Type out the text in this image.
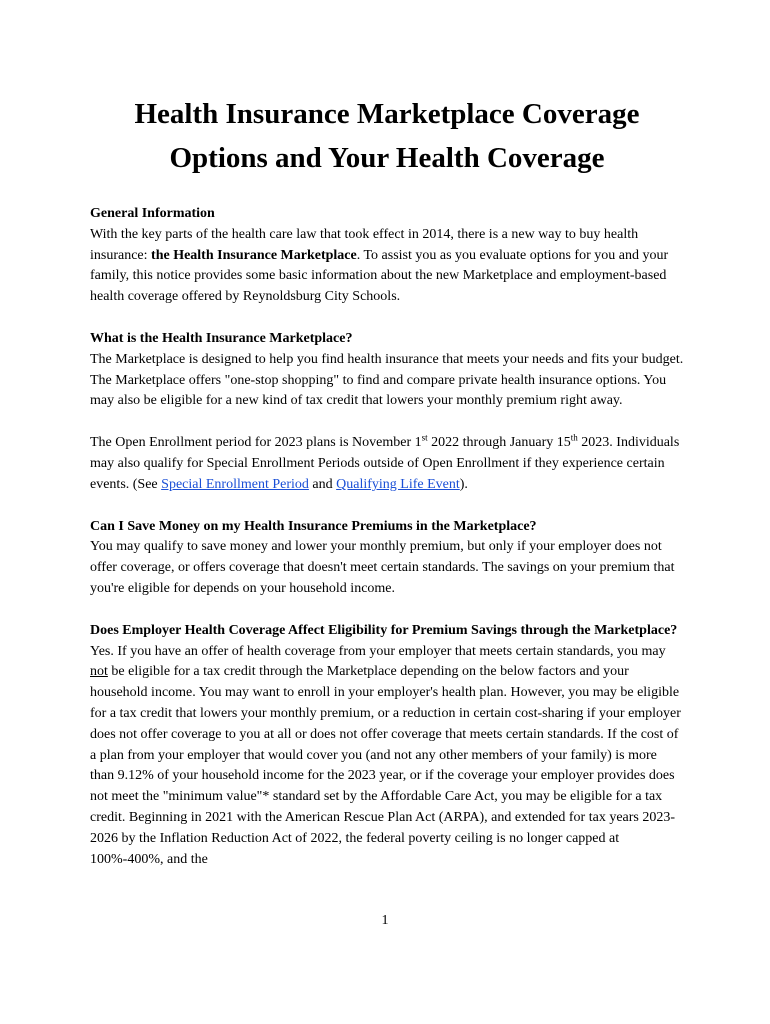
Health Insurance Marketplace Coverage
Options and Your Health Coverage

General Information

With the key parts of the health care law that took effect in 2014, there is a new way to buy health insurance: the Health Insurance Marketplace. To assist you as you evaluate options for you and your family, this notice provides some basic information about the new Marketplace and employment-based health coverage offered by Reynoldsburg City Schools.

What is the Health Insurance Marketplace?

The Marketplace is designed to help you find health insurance that meets your needs and fits your budget. The Marketplace offers "one-stop shopping" to find and compare private health insurance options. You may also be eligible for a new kind of tax credit that lowers your monthly premium right away.

The Open Enrollment period for 2023 plans is November 1st 2022 through January 15th 2023. Individuals may also qualify for Special Enrollment Periods outside of Open Enrollment if they experience certain events. (See Special Enrollment Period and Qualifying Life Event).

Can I Save Money on my Health Insurance Premiums in the Marketplace?

You may qualify to save money and lower your monthly premium, but only if your employer does not offer coverage, or offers coverage that doesn't meet certain standards. The savings on your premium that you're eligible for depends on your household income.

Does Employer Health Coverage Affect Eligibility for Premium Savings through the Marketplace?

Yes. If you have an offer of health coverage from your employer that meets certain standards, you may not be eligible for a tax credit through the Marketplace depending on the below factors and your household income. You may want to enroll in your employer's health plan. However, you may be eligible for a tax credit that lowers your monthly premium, or a reduction in certain cost-sharing if your employer does not offer coverage to you at all or does not offer coverage that meets certain standards. If the cost of a plan from your employer that would cover you (and not any other members of your family) is more than 9.12% of your household income for the 2023 year, or if the coverage your employer provides does not meet the "minimum value"* standard set by the Affordable Care Act, you may be eligible for a tax credit. Beginning in 2021 with the American Rescue Plan Act (ARPA), and extended for tax years 2023-2026 by the Inflation Reduction Act of 2022, the federal poverty ceiling is no longer capped at 100%-400%, and the

1
